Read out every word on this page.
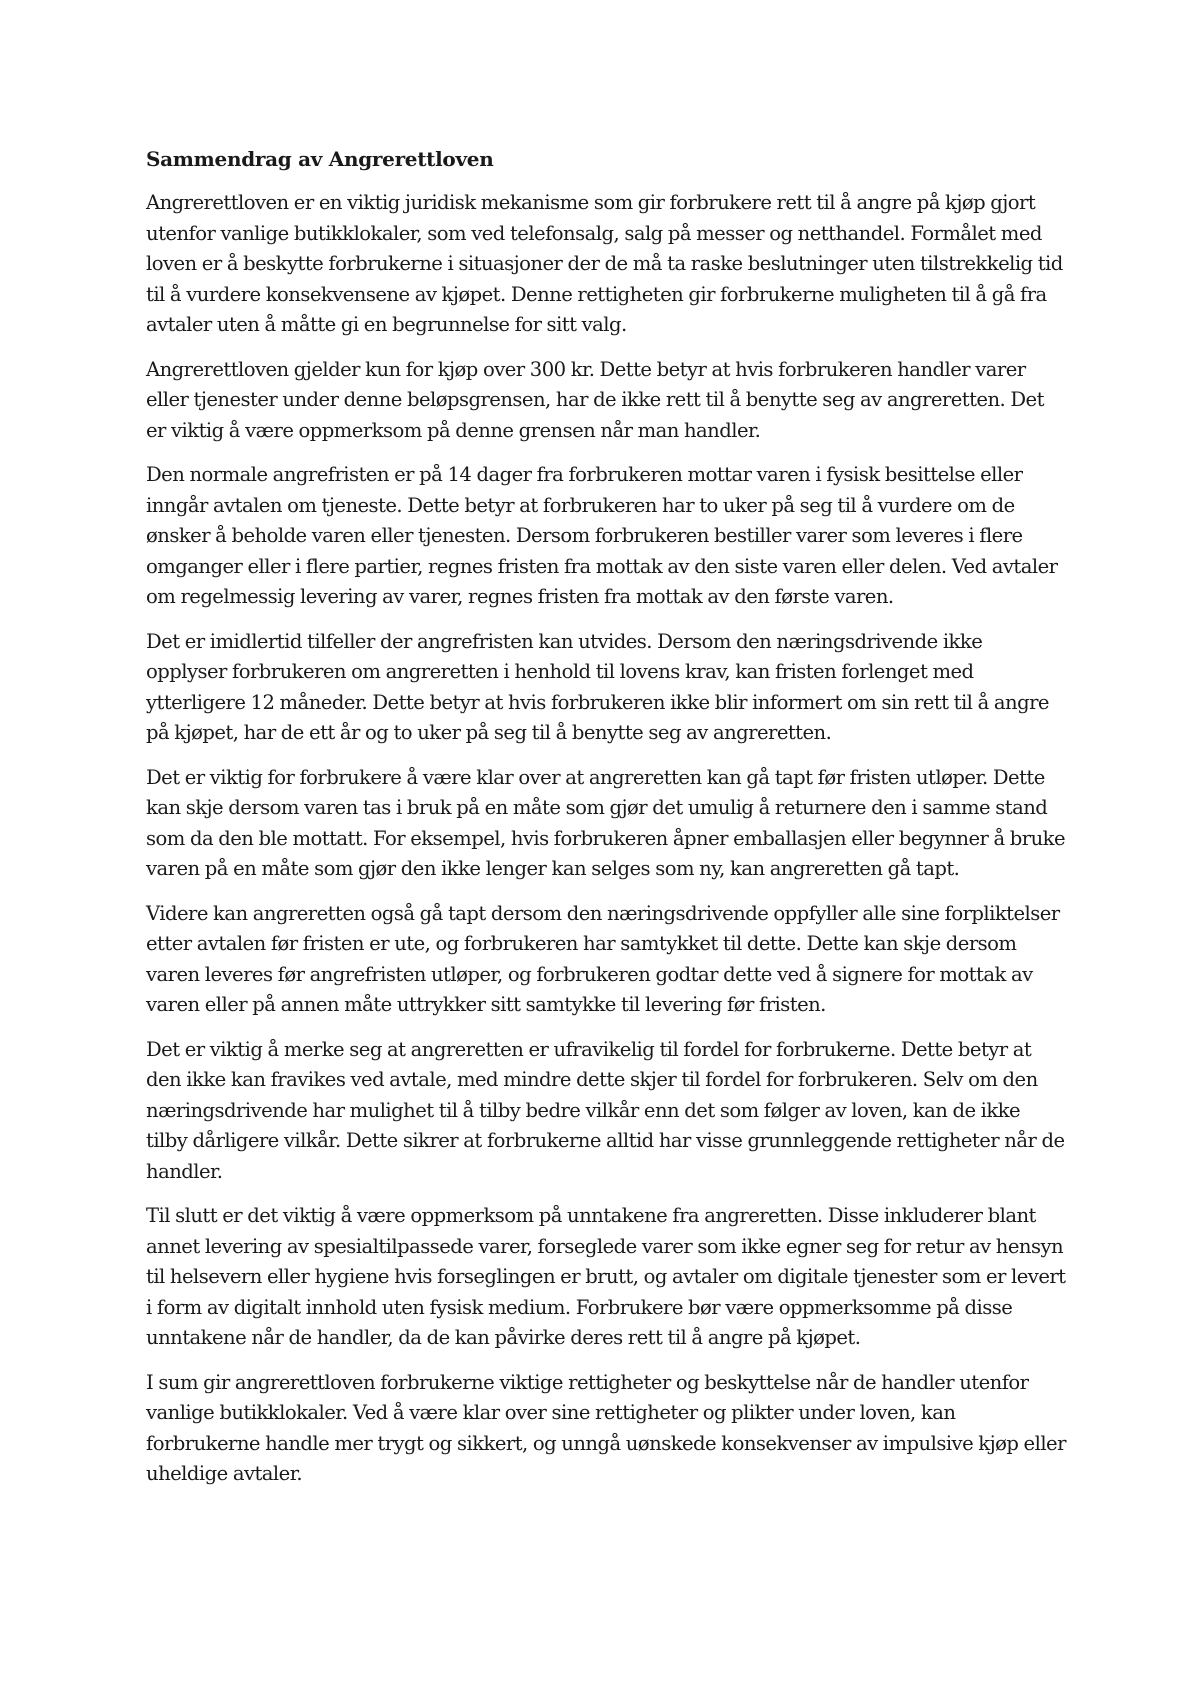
Sammendrag av Angrerettloven

Angrerettloven er en viktig juridisk mekanisme som gir forbrukere rett til å angre på kjøp gjort utenfor vanlige butikklokaler, som ved telefonsalg, salg på messer og netthandel. Formålet med loven er å beskytte forbrukerne i situasjoner der de må ta raske beslutninger uten tilstrekkelig tid til å vurdere konsekvensene av kjøpet. Denne rettigheten gir forbrukerne muligheten til å gå fra avtaler uten å måtte gi en begrunnelse for sitt valg.

Angrerettloven gjelder kun for kjøp over 300 kr. Dette betyr at hvis forbrukeren handler varer eller tjenester under denne beløpsgrensen, har de ikke rett til å benytte seg av angreretten. Det er viktig å være oppmerksom på denne grensen når man handler.

Den normale angrefristen er på 14 dager fra forbrukeren mottar varen i fysisk besittelse eller inngår avtalen om tjeneste. Dette betyr at forbrukeren har to uker på seg til å vurdere om de ønsker å beholde varen eller tjenesten. Dersom forbrukeren bestiller varer som leveres i flere omganger eller i flere partier, regnes fristen fra mottak av den siste varen eller delen. Ved avtaler om regelmessig levering av varer, regnes fristen fra mottak av den første varen.

Det er imidlertid tilfeller der angrefristen kan utvides. Dersom den næringsdrivende ikke opplyser forbrukeren om angreretten i henhold til lovens krav, kan fristen forlenget med ytterligere 12 måneder. Dette betyr at hvis forbrukeren ikke blir informert om sin rett til å angre på kjøpet, har de ett år og to uker på seg til å benytte seg av angreretten.

Det er viktig for forbrukere å være klar over at angreretten kan gå tapt før fristen utløper. Dette kan skje dersom varen tas i bruk på en måte som gjør det umulig å returnere den i samme stand som da den ble mottatt. For eksempel, hvis forbrukeren åpner emballasjen eller begynner å bruke varen på en måte som gjør den ikke lenger kan selges som ny, kan angreretten gå tapt.

Videre kan angreretten også gå tapt dersom den næringsdrivende oppfyller alle sine forpliktelser etter avtalen før fristen er ute, og forbrukeren har samtykket til dette. Dette kan skje dersom varen leveres før angrefristen utløper, og forbrukeren godtar dette ved å signere for mottak av varen eller på annen måte uttrykker sitt samtykke til levering før fristen.

Det er viktig å merke seg at angreretten er ufravikelig til fordel for forbrukerne. Dette betyr at den ikke kan fravikes ved avtale, med mindre dette skjer til fordel for forbrukeren. Selv om den næringsdrivende har mulighet til å tilby bedre vilkår enn det som følger av loven, kan de ikke tilby dårligere vilkår. Dette sikrer at forbrukerne alltid har visse grunnleggende rettigheter når de handler.

Til slutt er det viktig å være oppmerksom på unntakene fra angreretten. Disse inkluderer blant annet levering av spesialtilpassede varer, forseglede varer som ikke egner seg for retur av hensyn til helsevern eller hygiene hvis forseglingen er brutt, og avtaler om digitale tjenester som er levert i form av digitalt innhold uten fysisk medium. Forbrukere bør være oppmerksomme på disse unntakene når de handler, da de kan påvirke deres rett til å angre på kjøpet.

I sum gir angrerettloven forbrukerne viktige rettigheter og beskyttelse når de handler utenfor vanlige butikklokaler. Ved å være klar over sine rettigheter og plikter under loven, kan forbrukerne handle mer trygt og sikkert, og unngå uønskede konsekvenser av impulsive kjøp eller uheldige avtaler.
